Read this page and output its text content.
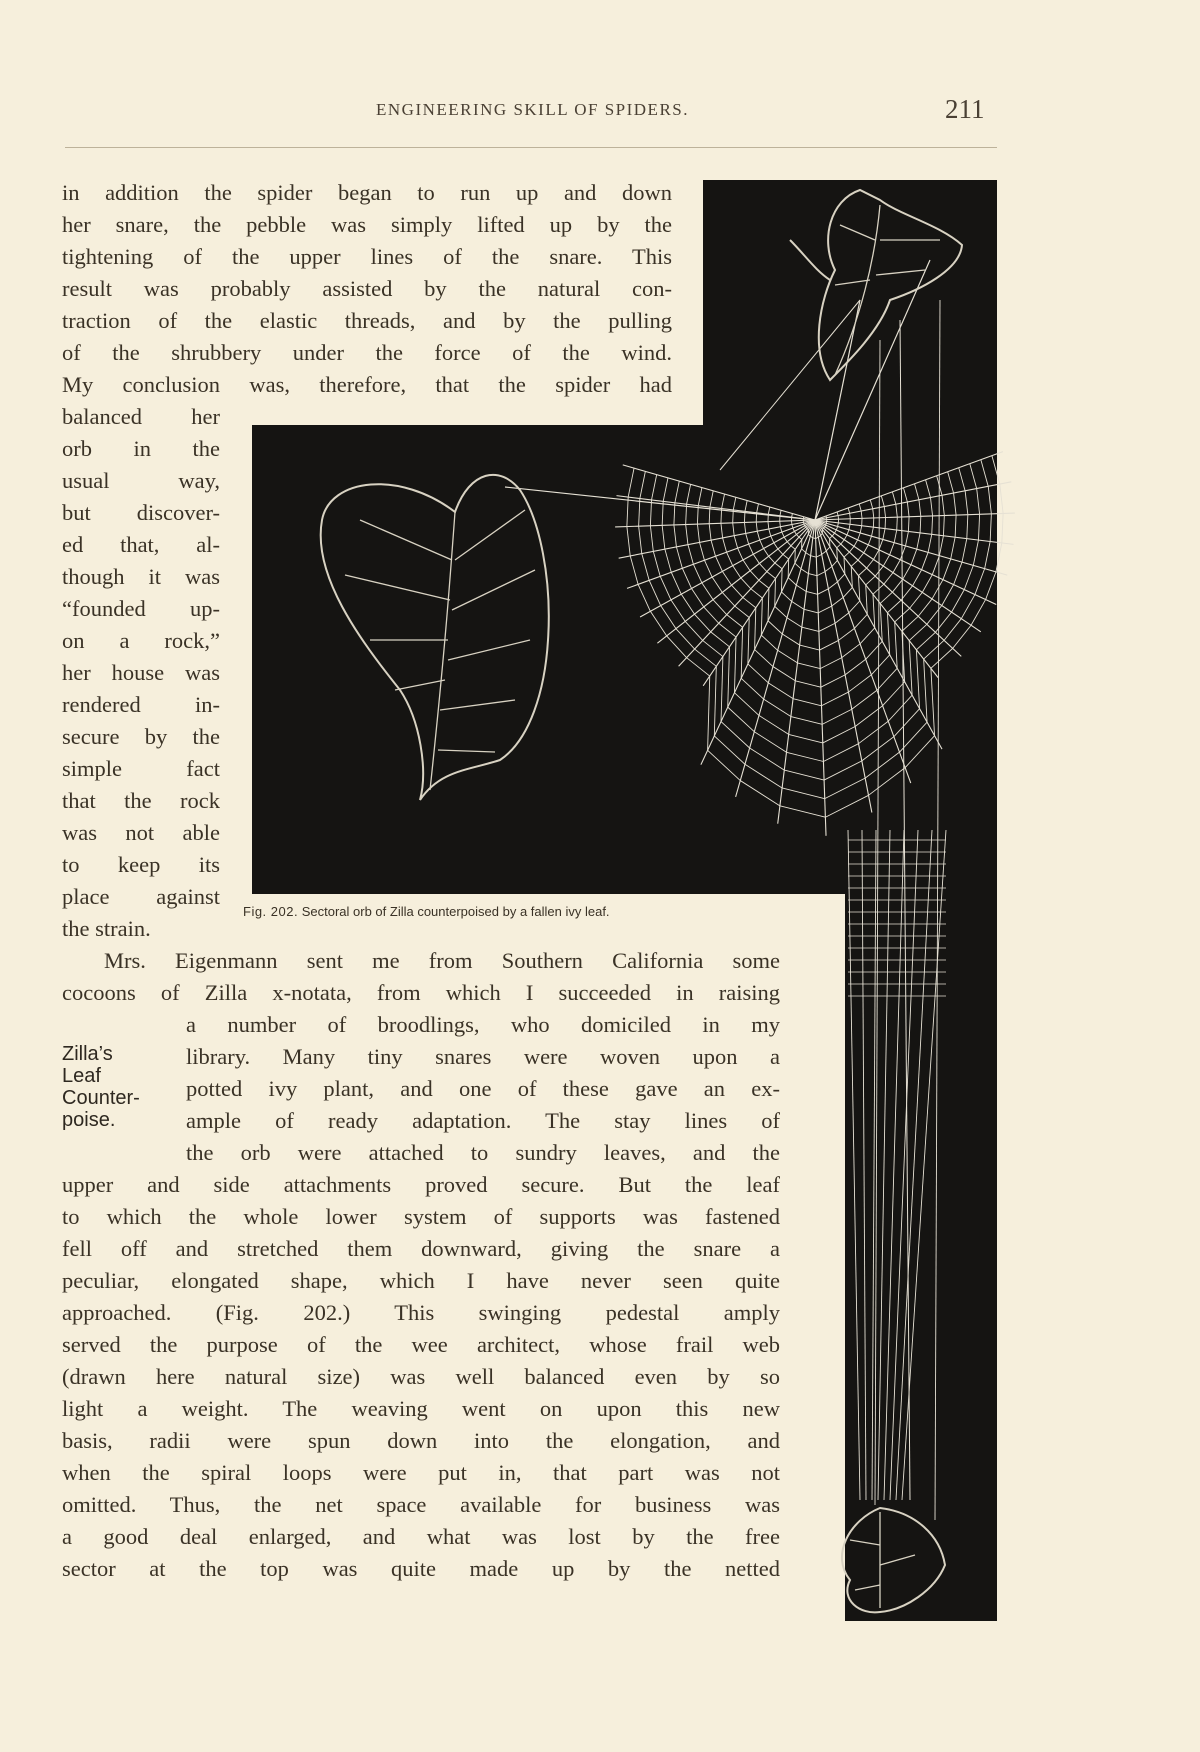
ENGINEERING SKILL OF SPIDERS.	211
in addition the spider began to run up and down
her snare, the pebble was simply lifted up by the
tightening of the upper lines of the snare. This
result was probably assisted by the natural con-
traction of the elastic threads, and by the pulling
of the shrubbery under the force of the wind.
My conclusion was, therefore, that the spider had
balanced her
orb in the
usual way,
but discover-
ed that, al-
though it was
“founded up-
on a rock,”
her house was
rendered in-
secure by the
simple fact
that the rock
was not able
to keep its
place against
the strain.
Mrs. Eigenmann sent me from Southern California some
cocoons of Zilla x-notata, from which I succeeded in raising
a number of broodlings, who domiciled in my
library. Many tiny snares were woven upon a
potted ivy plant, and one of these gave an ex-
ample of ready adaptation. The stay lines of
the orb were attached to sundry leaves, and the
upper and side attachments proved secure. But the leaf
to which the whole lower system of supports was fastened
fell off and stretched them downward, giving the snare a
peculiar, elongated shape, which I have never seen quite
approached. (Fig. 202.) This swinging pedestal amply
served the purpose of the wee architect, whose frail web
(drawn here natural size) was well balanced even by so
light a weight. The weaving went on upon this new
basis, radii were spun down into the elongation, and
when the spiral loops were put in, that part was not
omitted. Thus, the net space available for business was
a good deal enlarged, and what was lost by the free
sector at the top was quite made up by the netted
Fig. 202. Sectoral orb of Zilla counterpoised by a fallen ivy leaf.
Zilla’s
Leaf
Counter-
poise.
